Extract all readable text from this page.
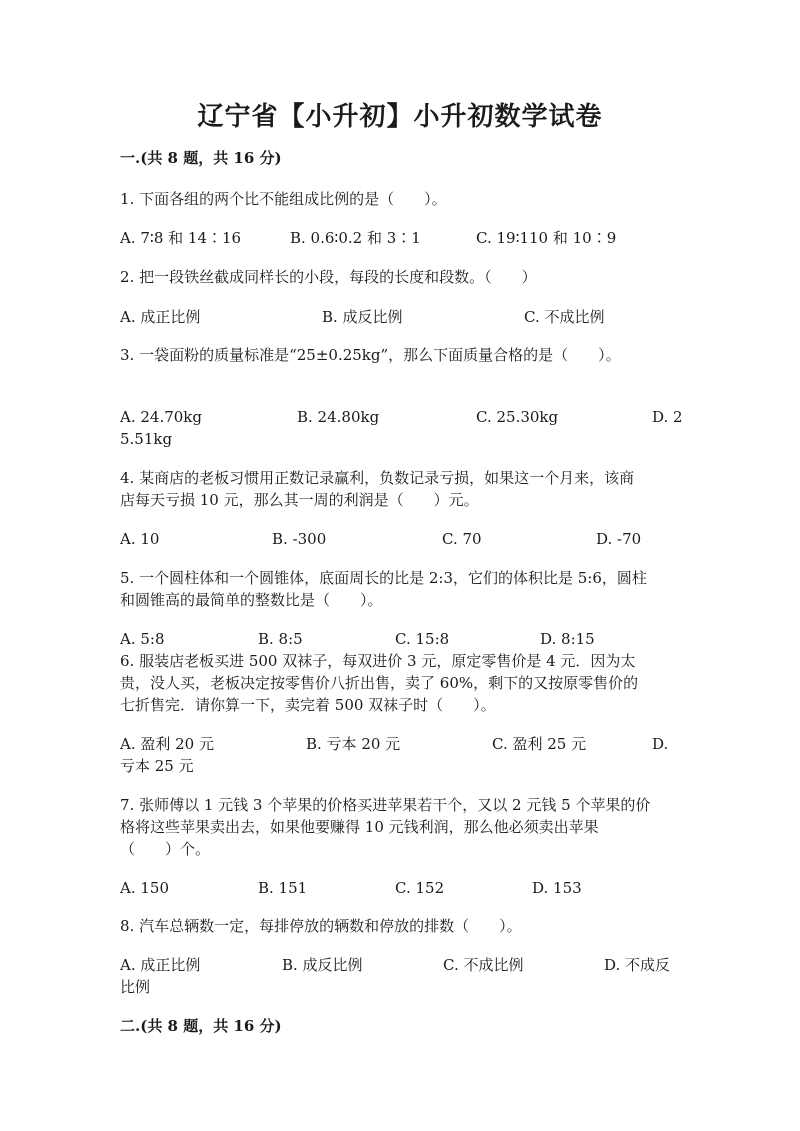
辽宁省【小升初】小升初数学试卷
一.(共 8 题，共 16 分)
1. 下面各组的两个比不能组成比例的是（　　）。
A. 7∶8 和 14∶16	B. 0.6∶0.2 和 3∶1	C. 19∶110 和 10∶9
2. 把一段铁丝截成同样长的小段，每段的长度和段数。（　　）
A. 成正比例	B. 成反比例	C. 不成比例
3. 一袋面粉的质量标准是“25±0.25kg”，那么下面质量合格的是（　　）。
A. 24.70kg	B. 24.80kg	C. 25.30kg	D. 2
5.51kg
4. 某商店的老板习惯用正数记录赢利，负数记录亏损，如果这一个月来，该商
店每天亏损 10 元，那么其一周的利润是（　　）元。
A. 10	B. -300	C. 70	D. -70
5. 一个圆柱体和一个圆锥体，底面周长的比是 2:3，它们的体积比是 5:6，圆柱
和圆锥高的最简单的整数比是（　　）。
A. 5:8	B. 8:5	C. 15:8	D. 8:15
6. 服装店老板买进 500 双袜子，每双进价 3 元，原定零售价是 4 元．因为太
贵，没人买，老板决定按零售价八折出售，卖了 60%，剩下的又按原零售价的
七折售完．请你算一下，卖完着 500 双袜子时（　　）。
A. 盈利 20 元	B. 亏本 20 元	C. 盈利 25 元	D.
亏本 25 元
7. 张师傅以 1 元钱 3 个苹果的价格买进苹果若干个，又以 2 元钱 5 个苹果的价
格将这些苹果卖出去，如果他要赚得 10 元钱利润，那么他必须卖出苹果
（　　）个。
A. 150	B. 151	C. 152	D. 153
8. 汽车总辆数一定，每排停放的辆数和停放的排数（　　）。
A. 成正比例	B. 成反比例	C. 不成比例	D. 不成反
比例
二.(共 8 题，共 16 分)
